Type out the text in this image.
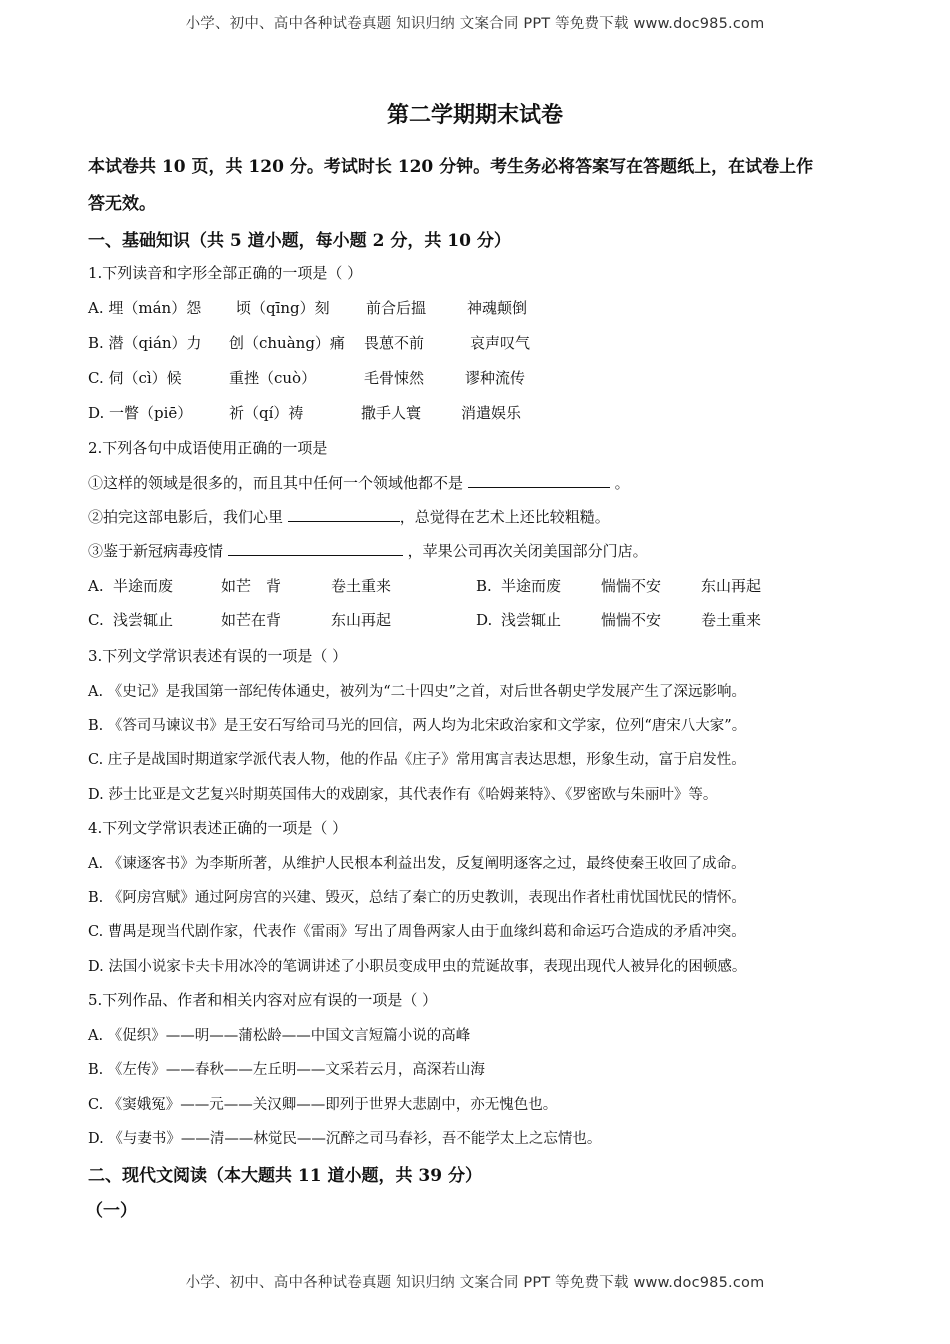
小学、初中、高中各种试卷真题 知识归纳 文案合同 PPT 等免费下载 www.doc985.com
第二学期期末试卷
本试卷共 10 页，共 120 分。考试时长 120 分钟。考生务必将答案写在答题纸上，在试卷上作
答无效。
一、基础知识（共 5 道小题，每小题 2 分，共 10 分）
1.下列读音和字形全部正确的一项是（ ）
A. 埋（mán）怨 顷（qīng）刻 前合后搵	神魂颠倒
B. 潜（qián）力 创（chuàng）痛 畏葸不前	哀声叹气
C. 伺（cì）候	重挫（cuò）	毛骨悚然	谬种流传
D. 一瞥（piē） 祈（qí）祷	撒手人寰	消遣娱乐
2.下列各句中成语使用正确的一项是
①这样的领域是很多的，而且其中任何一个领域他都不是	。
②拍完这部电影后，我们心里	，总觉得在艺术上还比较粗糙。
③鉴于新冠病毒疫情	，苹果公司再次关闭美国部分门店。
A. 半途而废	如芒　背	卷土重来	B. 半途而废	惴惴不安	东山再起
C. 浅尝辄止	如芒在背	东山再起	D. 浅尝辄止	惴惴不安	卷土重来
3.下列文学常识表述有误的一项是（ ）
A. 《史记》是我国第一部纪传体通史，被列为“二十四史”之首，对后世各朝史学发展产生了深远影响。
B. 《答司马谏议书》是王安石写给司马光的回信，两人均为北宋政治家和文学家，位列“唐宋八大家”。
C. 庄子是战国时期道家学派代表人物，他的作品《庄子》常用寓言表达思想，形象生动，富于启发性。
D. 莎士比亚是文艺复兴时期英国伟大的戏剧家，其代表作有《哈姆莱特》、《罗密欧与朱丽叶》等。
4.下列文学常识表述正确的一项是（ ）
A. 《谏逐客书》为李斯所著，从维护人民根本利益出发，反复阐明逐客之过，最终使秦王收回了成命。
B. 《阿房宫赋》通过阿房宫的兴建、毁灭，总结了秦亡的历史教训，表现出作者杜甫忧国忧民的情怀。
C. 曹禺是现当代剧作家，代表作《雷雨》写出了周鲁两家人由于血缘纠葛和命运巧合造成的矛盾冲突。
D. 法国小说家卡夫卡用冰冷的笔调讲述了小职员变成甲虫的荒诞故事，表现出现代人被异化的困顿感。
5.下列作品、作者和相关内容对应有误的一项是（ ）
A. 《促织》——明——蒲松龄——中国文言短篇小说的高峰
B. 《左传》——春秋——左丘明——文采若云月，高深若山海
C. 《窦娥冤》——元——关汉卿——即列于世界大悲剧中，亦无愧色也。
D. 《与妻书》——清——林觉民——沉醉之司马春衫，吾不能学太上之忘情也。
二、现代文阅读（本大题共 11 道小题，共 39 分）
（一）
小学、初中、高中各种试卷真题 知识归纳 文案合同 PPT 等免费下载 www.doc985.com
